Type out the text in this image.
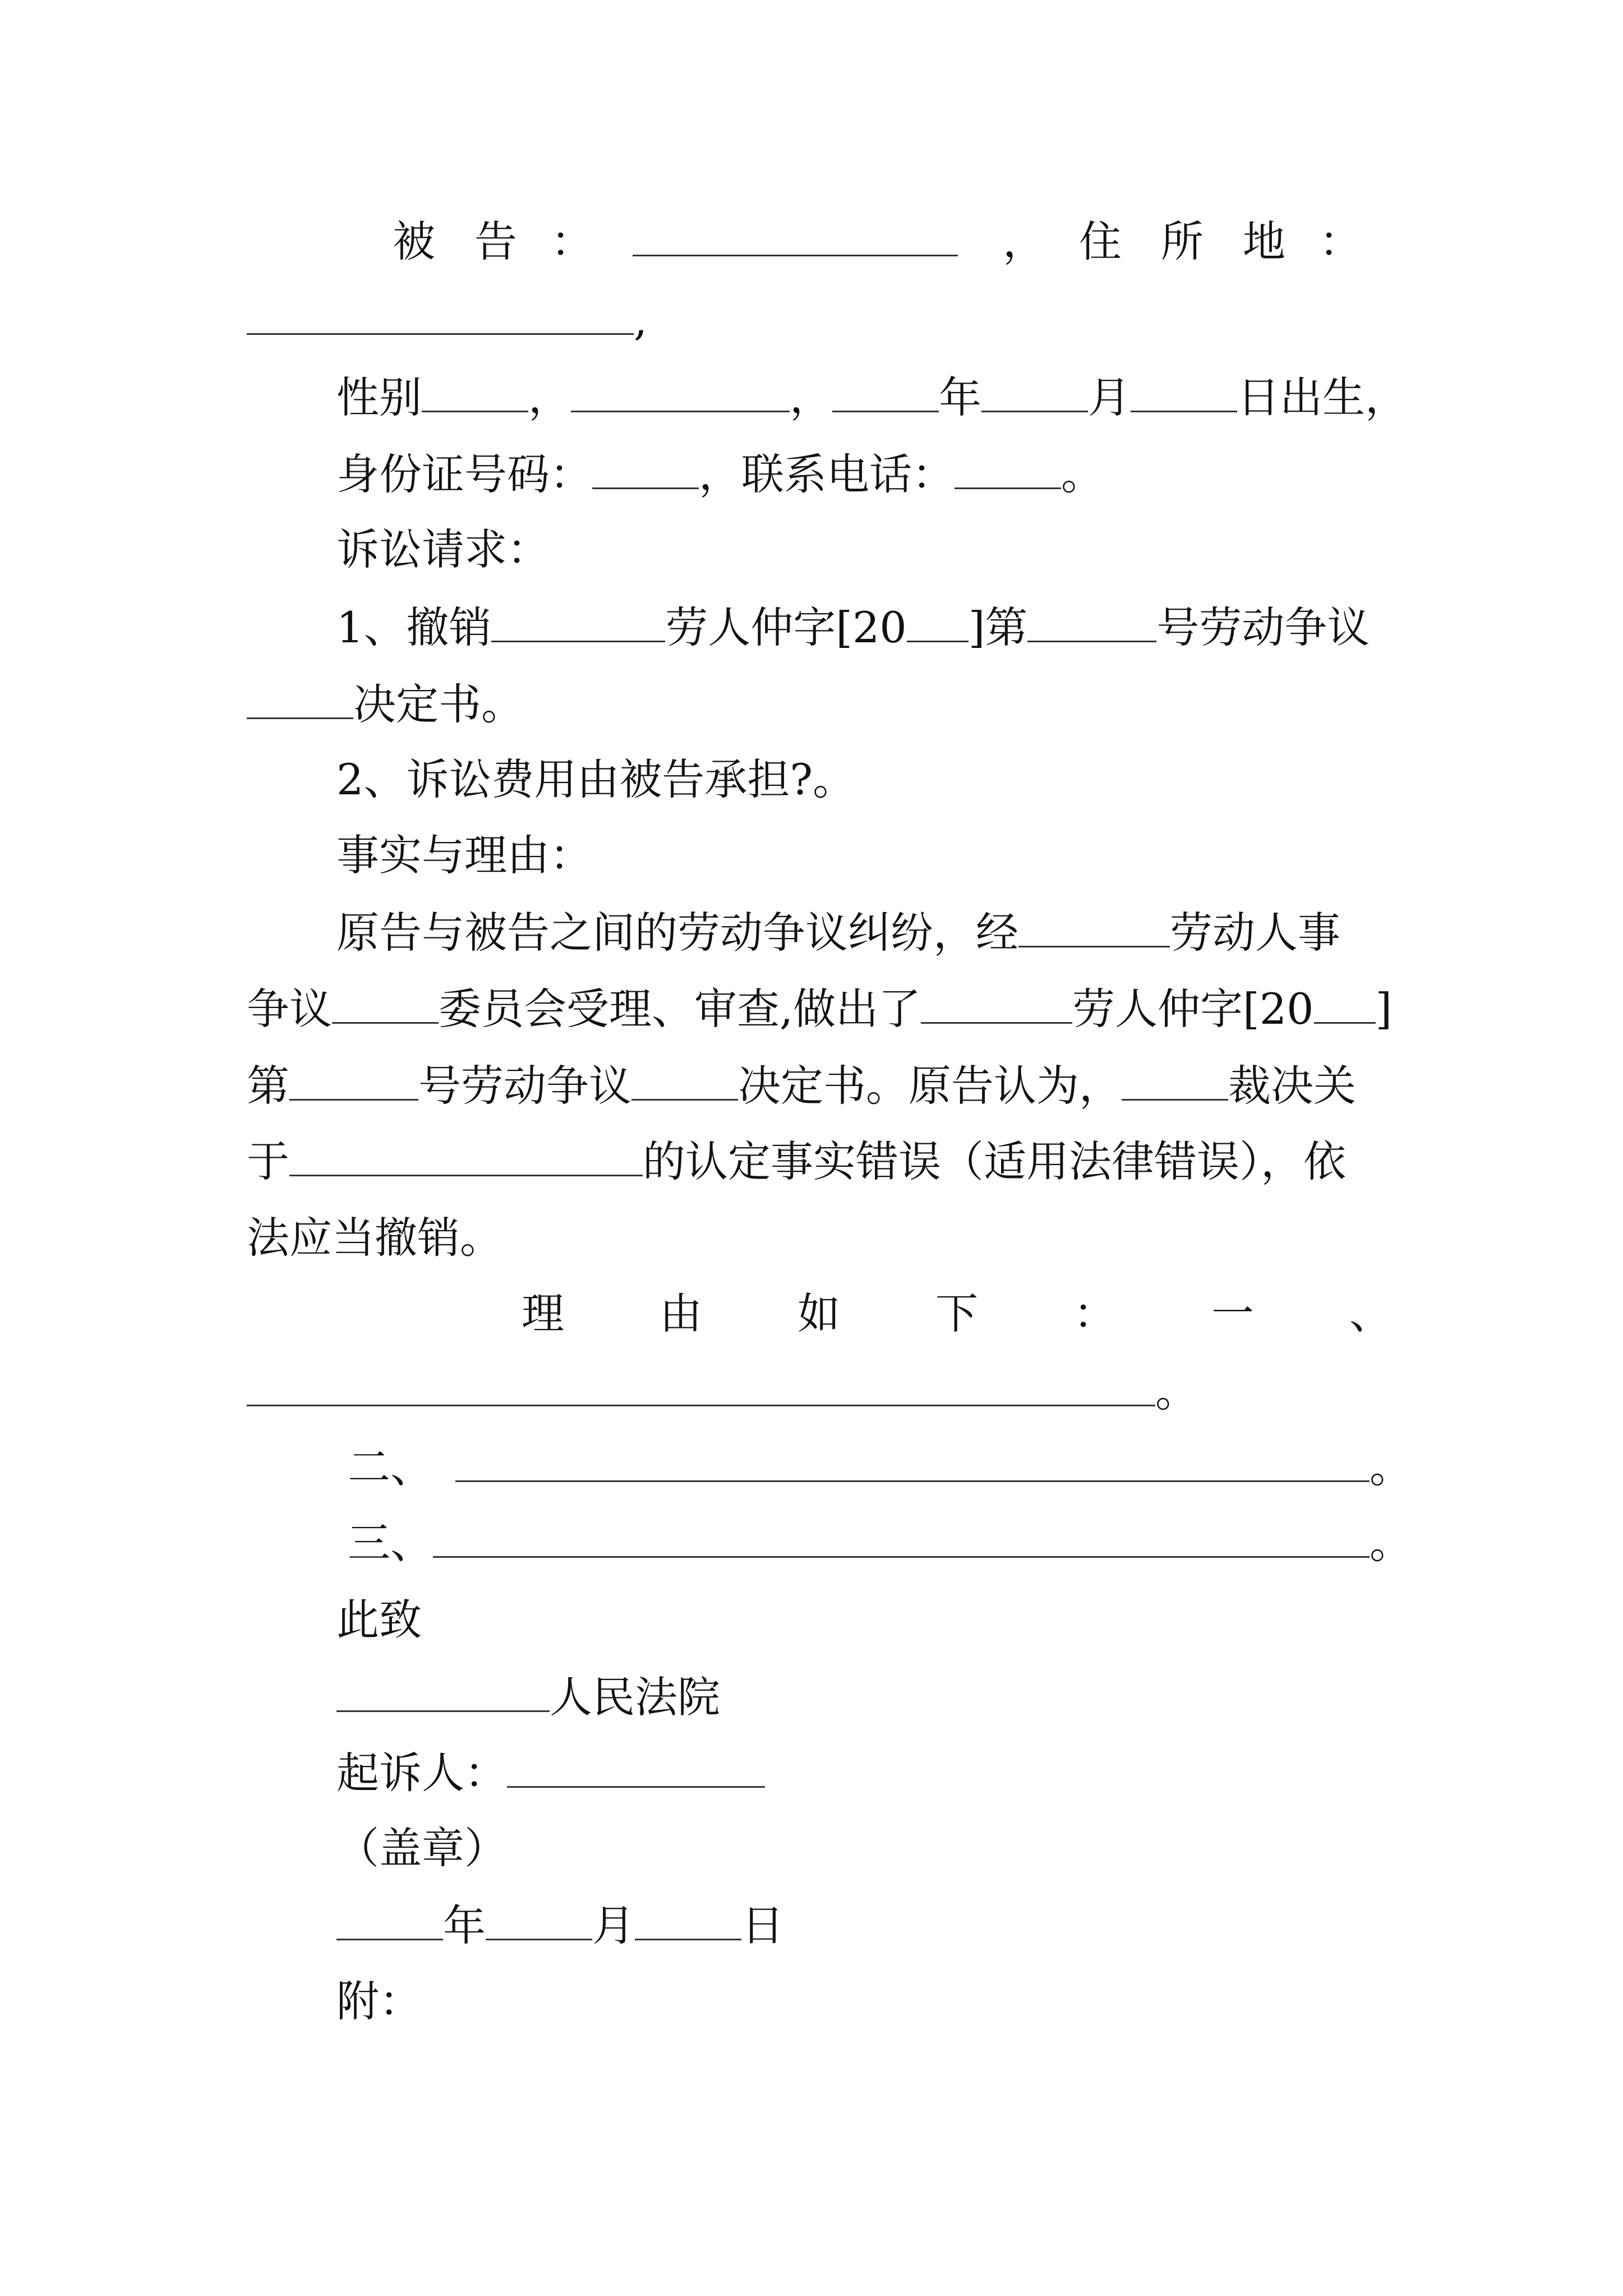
被 告 ：	， 住 所 地 ：
,
性别	，	，	年	月	日出生，
身份证号码：	，联系电话：	。
诉讼请求：
1、撤销	劳人仲字[20 ]第	号劳动争议
决定书。
2、诉讼费用由被告承担?。
事实与理由：
原告与被告之间的劳动争议纠纷，经	劳动人事
争议	委员会受理、审查,做出了	劳人仲字[20 ]
第	号劳动争议	决定书。原告认为，	裁决关
于	的认定事实错误（适用法律错误），依
法应当撤销。
理 由 如 下 ： 一 、
。
二、	。
三、	。
此致
人民法院
起诉人：
（盖章）
年	月	日
附：
